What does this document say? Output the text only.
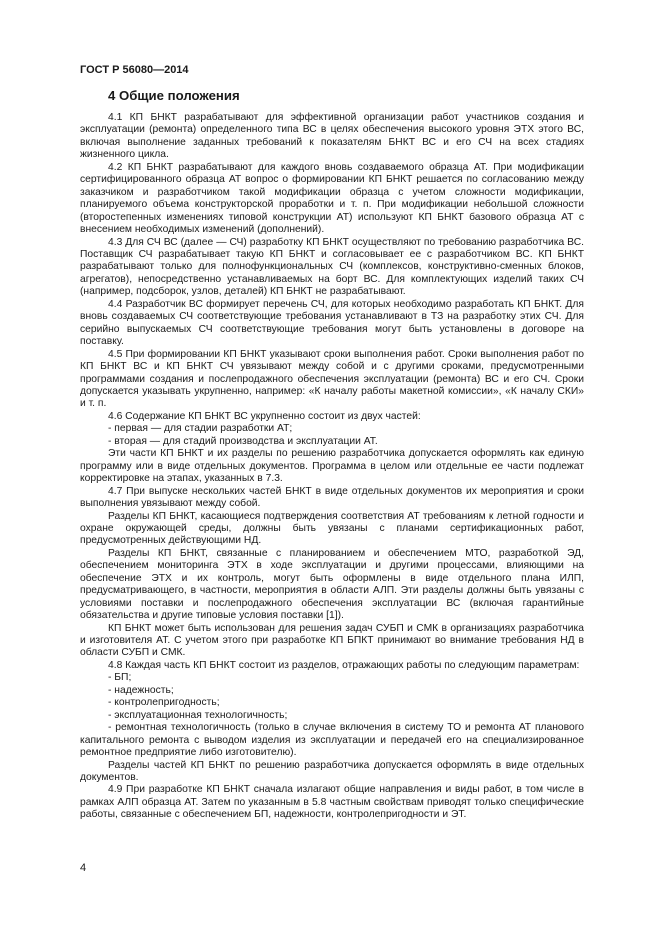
ГОСТ Р 56080—2014
4 Общие положения

4.1 КП БНКТ разрабатывают для эффективной организации работ участников создания и эксплуатации (ремонта) определенного типа ВС в целях обеспечения высокого уровня ЭТХ этого ВС, включая выполнение заданных требований к показателям БНКТ ВС и его СЧ на всех стадиях жизненного цикла.

4.2 КП БНКТ разрабатывают для каждого вновь создаваемого образца АТ. При модификации сертифицированного образца АТ вопрос о формировании КП БНКТ решается по согласованию между заказчиком и разработчиком такой модификации образца с учетом сложности модификации, планируемого объема конструкторской проработки и т. п. При модификации небольшой сложности (второстепенных изменениях типовой конструкции АТ) используют КП БНКТ базового образца АТ с внесением необходимых изменений (дополнений).

4.3 Для СЧ ВС (далее — СЧ) разработку КП БНКТ осуществляют по требованию разработчика ВС. Поставщик СЧ разрабатывает такую КП БНКТ и согласовывает ее с разработчиком ВС. КП БНКТ разрабатывают только для полнофункциональных СЧ (комплексов, конструктивно-сменных блоков, агрегатов), непосредственно устанавливаемых на борт ВС. Для комплектующих изделий таких СЧ (например, подсборок, узлов, деталей) КП БНКТ не разрабатывают.

4.4 Разработчик ВС формирует перечень СЧ, для которых необходимо разработать КП БНКТ. Для вновь создаваемых СЧ соответствующие требования устанавливают в ТЗ на разработку этих СЧ. Для серийно выпускаемых СЧ соответствующие требования могут быть установлены в договоре на поставку.

4.5 При формировании КП БНКТ указывают сроки выполнения работ. Сроки выполнения работ по КП БНКТ ВС и КП БНКТ СЧ увязывают между собой и с другими сроками, предусмотренными программами создания и послепродажного обеспечения эксплуатации (ремонта) ВС и его СЧ. Сроки допускается указывать укрупненно, например: «К началу работы макетной комиссии», «К началу СКИ» и т. п.

4.6 Содержание КП БНКТ ВС укрупненно состоит из двух частей:

- первая — для стадии разработки АТ;

- вторая — для стадий производства и эксплуатации АТ.

Эти части КП БНКТ и их разделы по решению разработчика допускается оформлять как единую программу или в виде отдельных документов. Программа в целом или отдельные ее части подлежат корректировке на этапах, указанных в 7.3.

4.7 При выпуске нескольких частей БНКТ в виде отдельных документов их мероприятия и сроки выполнения увязывают между собой.

Разделы КП БНКТ, касающиеся подтверждения соответствия АТ требованиям к летной годности и охране окружающей среды, должны быть увязаны с планами сертификационных работ, предусмотренных действующими НД.

Разделы КП БНКТ, связанные с планированием и обеспечением МТО, разработкой ЭД, обеспечением мониторинга ЭТХ в ходе эксплуатации и другими процессами, влияющими на обеспечение ЭТХ и их контроль, могут быть оформлены в виде отдельного плана ИЛП, предусматривающего, в частности, мероприятия в области АЛП. Эти разделы должны быть увязаны с условиями поставки и послепродажного обеспечения эксплуатации ВС (включая гарантийные обязательства и другие типовые условия поставки [1]).

КП БНКТ может быть использован для решения задач СУБП и СМК в организациях разработчика и изготовителя АТ. С учетом этого при разработке КП БПКТ принимают во внимание требования НД в области СУБП и СМК.

4.8 Каждая часть КП БНКТ состоит из разделов, отражающих работы по следующим параметрам:

- БП;

- надежность;

- контролепригодность;

- эксплуатационная технологичность;

- ремонтная технологичность (только в случае включения в систему ТО и ремонта АТ планового капитального ремонта с выводом изделия из эксплуатации и передачей его на специализированное ремонтное предприятие либо изготовителю).

Разделы частей КП БНКТ по решению разработчика допускается оформлять в виде отдельных документов.

4.9 При разработке КП БНКТ сначала излагают общие направления и виды работ, в том числе в рамках АЛП образца АТ. Затем по указанным в 5.8 частным свойствам приводят только специфические работы, связанные с обеспечением БП, надежности, контролепригодности и ЭТ.

4
